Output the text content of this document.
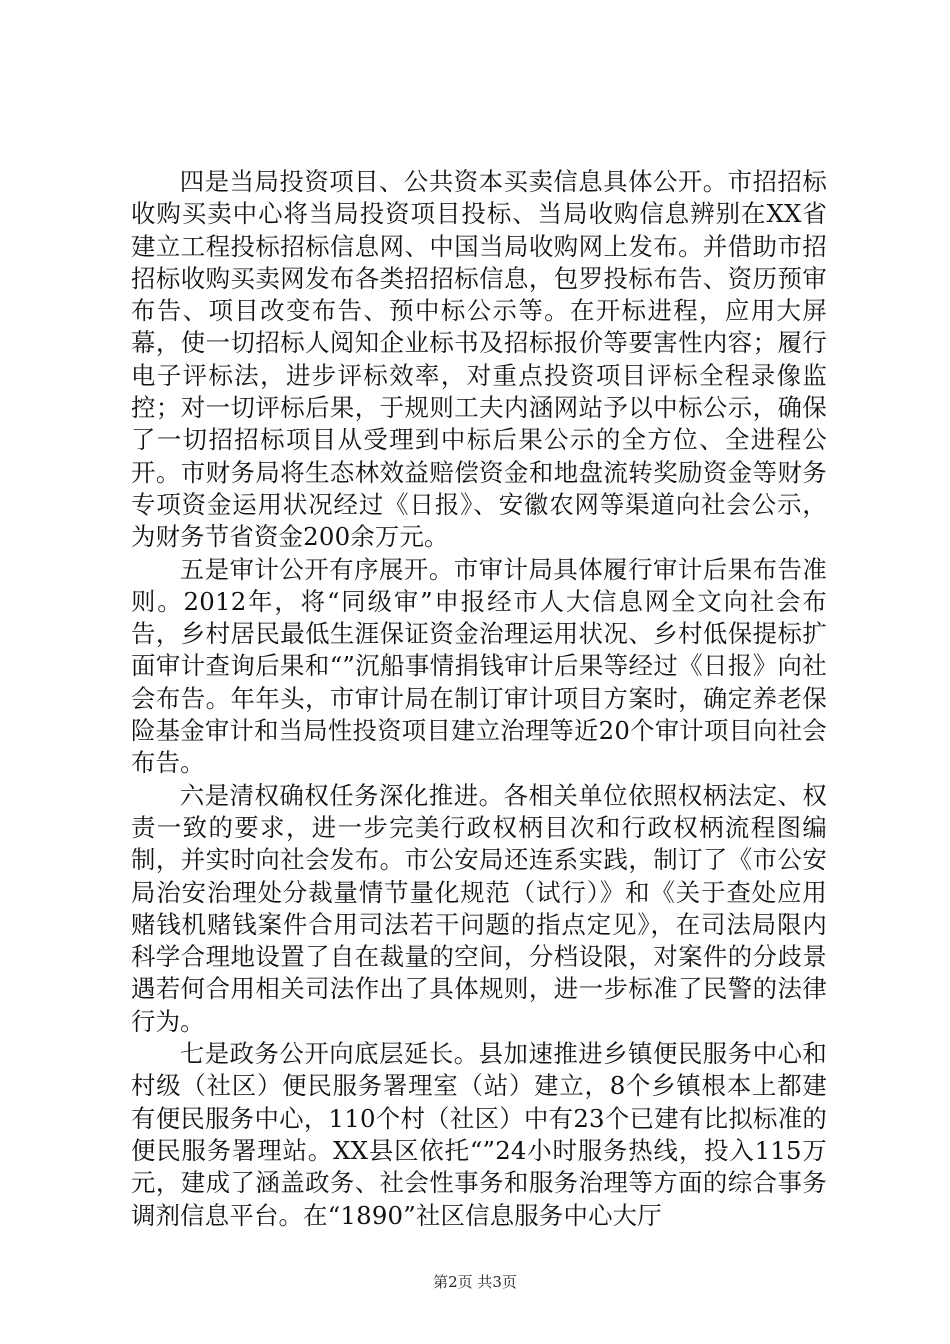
四是当局投资项目、公共资本买卖信息具体公开。市招招标收购买卖中心将当局投资项目投标、当局收购信息辨别在XX省建立工程投标招标信息网、中国当局收购网上发布。并借助市招招标收购买卖网发布各类招招标信息，包罗投标布告、资历预审布告、项目改变布告、预中标公示等。在开标进程，应用大屏幕，使一切招标人阅知企业标书及招标报价等要害性内容；履行电子评标法，进步评标效率，对重点投资项目评标全程录像监控；对一切评标后果，于规则工夫内涵网站予以中标公示，确保了一切招招标项目从受理到中标后果公示的全方位、全进程公开。市财务局将生态林效益赔偿资金和地盘流转奖励资金等财务专项资金运用状况经过《日报》、安徽农网等渠道向社会公示，为财务节省资金200余万元。

五是审计公开有序展开。市审计局具体履行审计后果布告准则。2012年，将“同级审”申报经市人大信息网全文向社会布告，乡村居民最低生涯保证资金治理运用状况、乡村低保提标扩面审计查询后果和“”沉船事情捐钱审计后果等经过《日报》向社会布告。年年头，市审计局在制订审计项目方案时，确定养老保险基金审计和当局性投资项目建立治理等近20个审计项目向社会布告。

六是清权确权任务深化推进。各相关单位依照权柄法定、权责一致的要求，进一步完美行政权柄目次和行政权柄流程图编制，并实时向社会发布。市公安局还连系实践，制订了《市公安局治安治理处分裁量情节量化规范（试行）》和《关于查处应用赌钱机赌钱案件合用司法若干问题的指点定见》，在司法局限内科学合理地设置了自在裁量的空间，分档设限，对案件的分歧景遇若何合用相关司法作出了具体规则，进一步标准了民警的法律行为。

七是政务公开向底层延长。县加速推进乡镇便民服务中心和村级（社区）便民服务署理室（站）建立，8个乡镇根本上都建有便民服务中心，110个村（社区）中有23个已建有比拟标准的便民服务署理站。XX县区依托“”24小时服务热线，投入115万元，建成了涵盖政务、社会性事务和服务治理等方面的综合事务调剂信息平台。在“1890”社区信息服务中心大厅

第2页 共3页
